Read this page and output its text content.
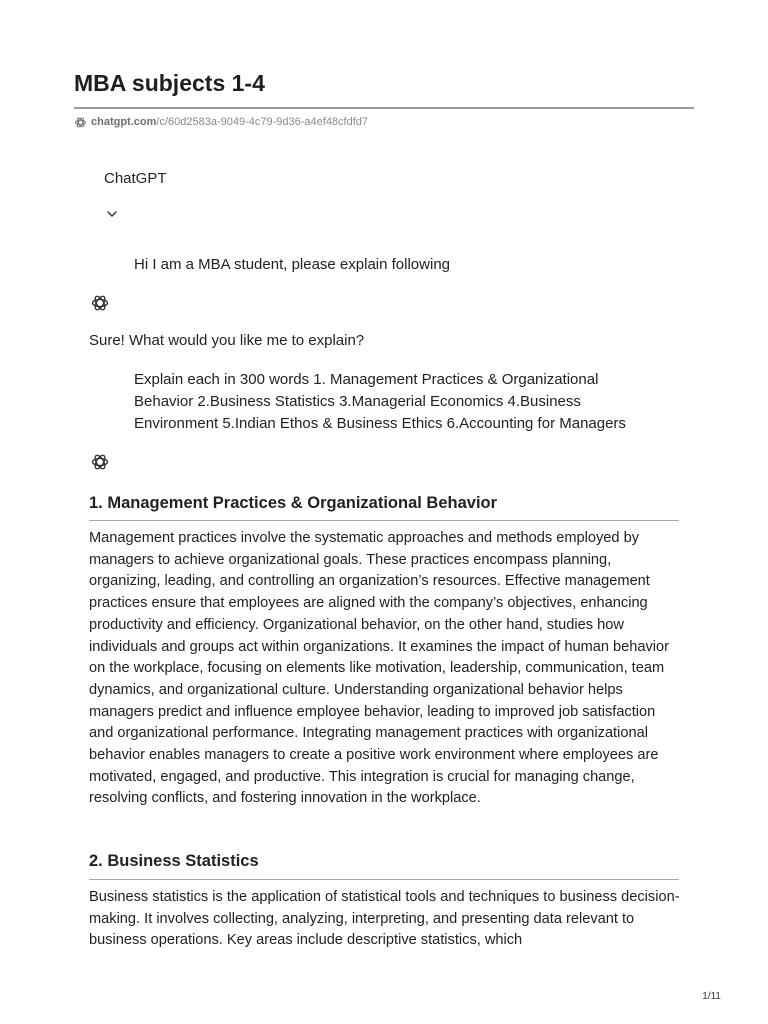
MBA subjects 1-4
chatgpt.com/c/60d2583a-9049-4c79-9d36-a4ef48cfdfd7
ChatGPT
Hi I am a MBA student, please explain following
Sure! What would you like me to explain?
Explain each in 300 words 1. Management Practices & Organizational Behavior 2.Business Statistics 3.Managerial Economics 4.Business Environment 5.Indian Ethos & Business Ethics 6.Accounting for Managers
1. Management Practices & Organizational Behavior

Management practices involve the systematic approaches and methods employed by managers to achieve organizational goals. These practices encompass planning, organizing, leading, and controlling an organization’s resources. Effective management practices ensure that employees are aligned with the company’s objectives, enhancing productivity and efficiency. Organizational behavior, on the other hand, studies how individuals and groups act within organizations. It examines the impact of human behavior on the workplace, focusing on elements like motivation, leadership, communication, team dynamics, and organizational culture. Understanding organizational behavior helps managers predict and influence employee behavior, leading to improved job satisfaction and organizational performance. Integrating management practices with organizational behavior enables managers to create a positive work environment where employees are motivated, engaged, and productive. This integration is crucial for managing change, resolving conflicts, and fostering innovation in the workplace.

2. Business Statistics

Business statistics is the application of statistical tools and techniques to business decision-making. It involves collecting, analyzing, interpreting, and presenting data relevant to business operations. Key areas include descriptive statistics, which

1/11
